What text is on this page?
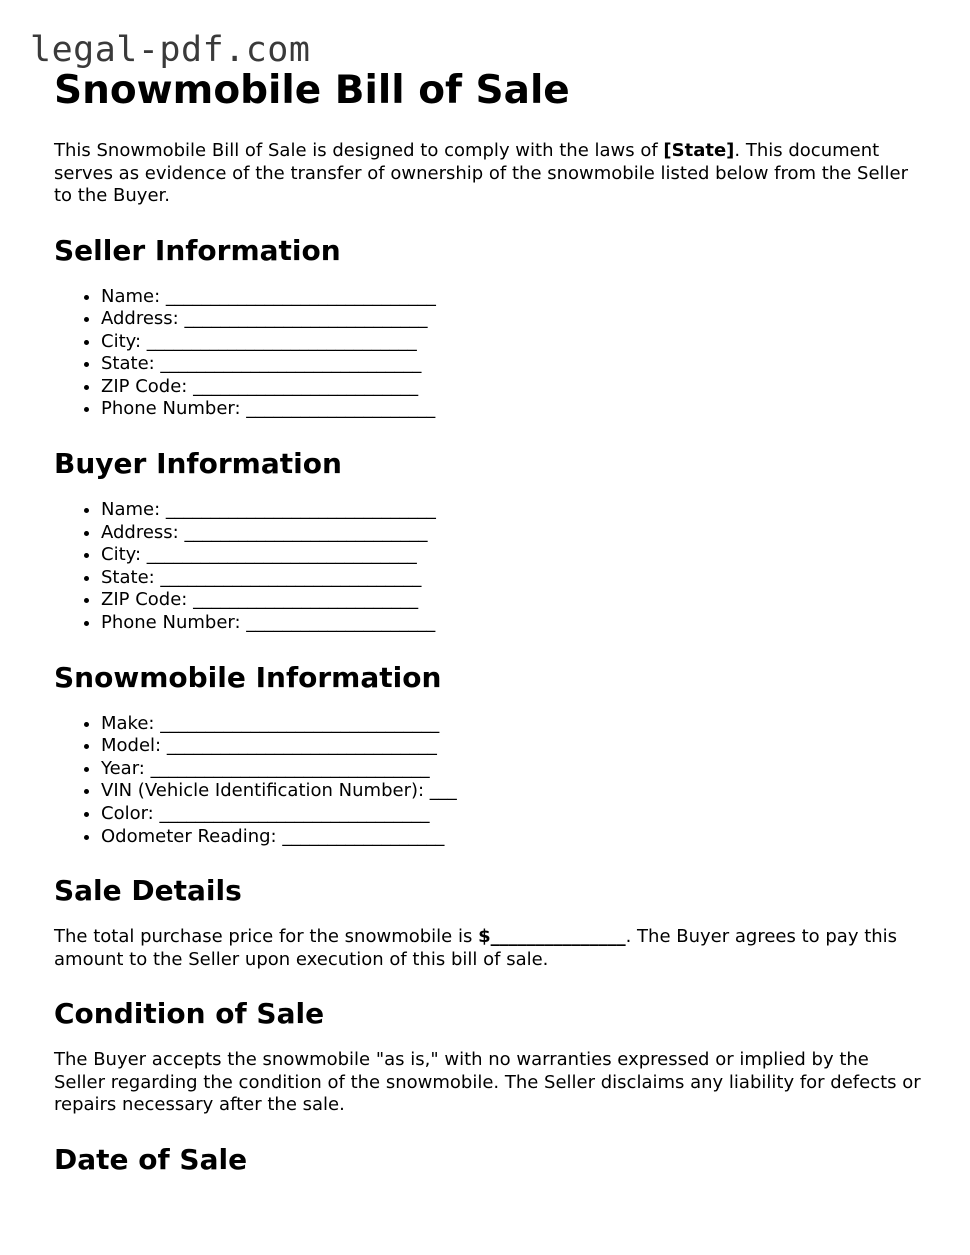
legal-pdf.com
Snowmobile Bill of Sale

This Snowmobile Bill of Sale is designed to comply with the laws of [State]. This document serves as evidence of the transfer of ownership of the snowmobile listed below from the Seller to the Buyer.

Seller Information
• Name: ______________________________
• Address: ___________________________
• City: ______________________________
• State: _____________________________
• ZIP Code: _________________________
• Phone Number: _____________________
Buyer Information
• Name: ______________________________
• Address: ___________________________
• City: ______________________________
• State: _____________________________
• ZIP Code: _________________________
• Phone Number: _____________________
Snowmobile Information
• Make: _______________________________
• Model: ______________________________
• Year: _______________________________
• VIN (Vehicle Identification Number): ___
• Color: ______________________________
• Odometer Reading: __________________
Sale Details

The total purchase price for the snowmobile is $_______________. The Buyer agrees to pay this amount to the Seller upon execution of this bill of sale.

Condition of Sale

The Buyer accepts the snowmobile "as is," with no warranties expressed or implied by the Seller regarding the condition of the snowmobile. The Seller disclaims any liability for defects or repairs necessary after the sale.

Date of Sale
